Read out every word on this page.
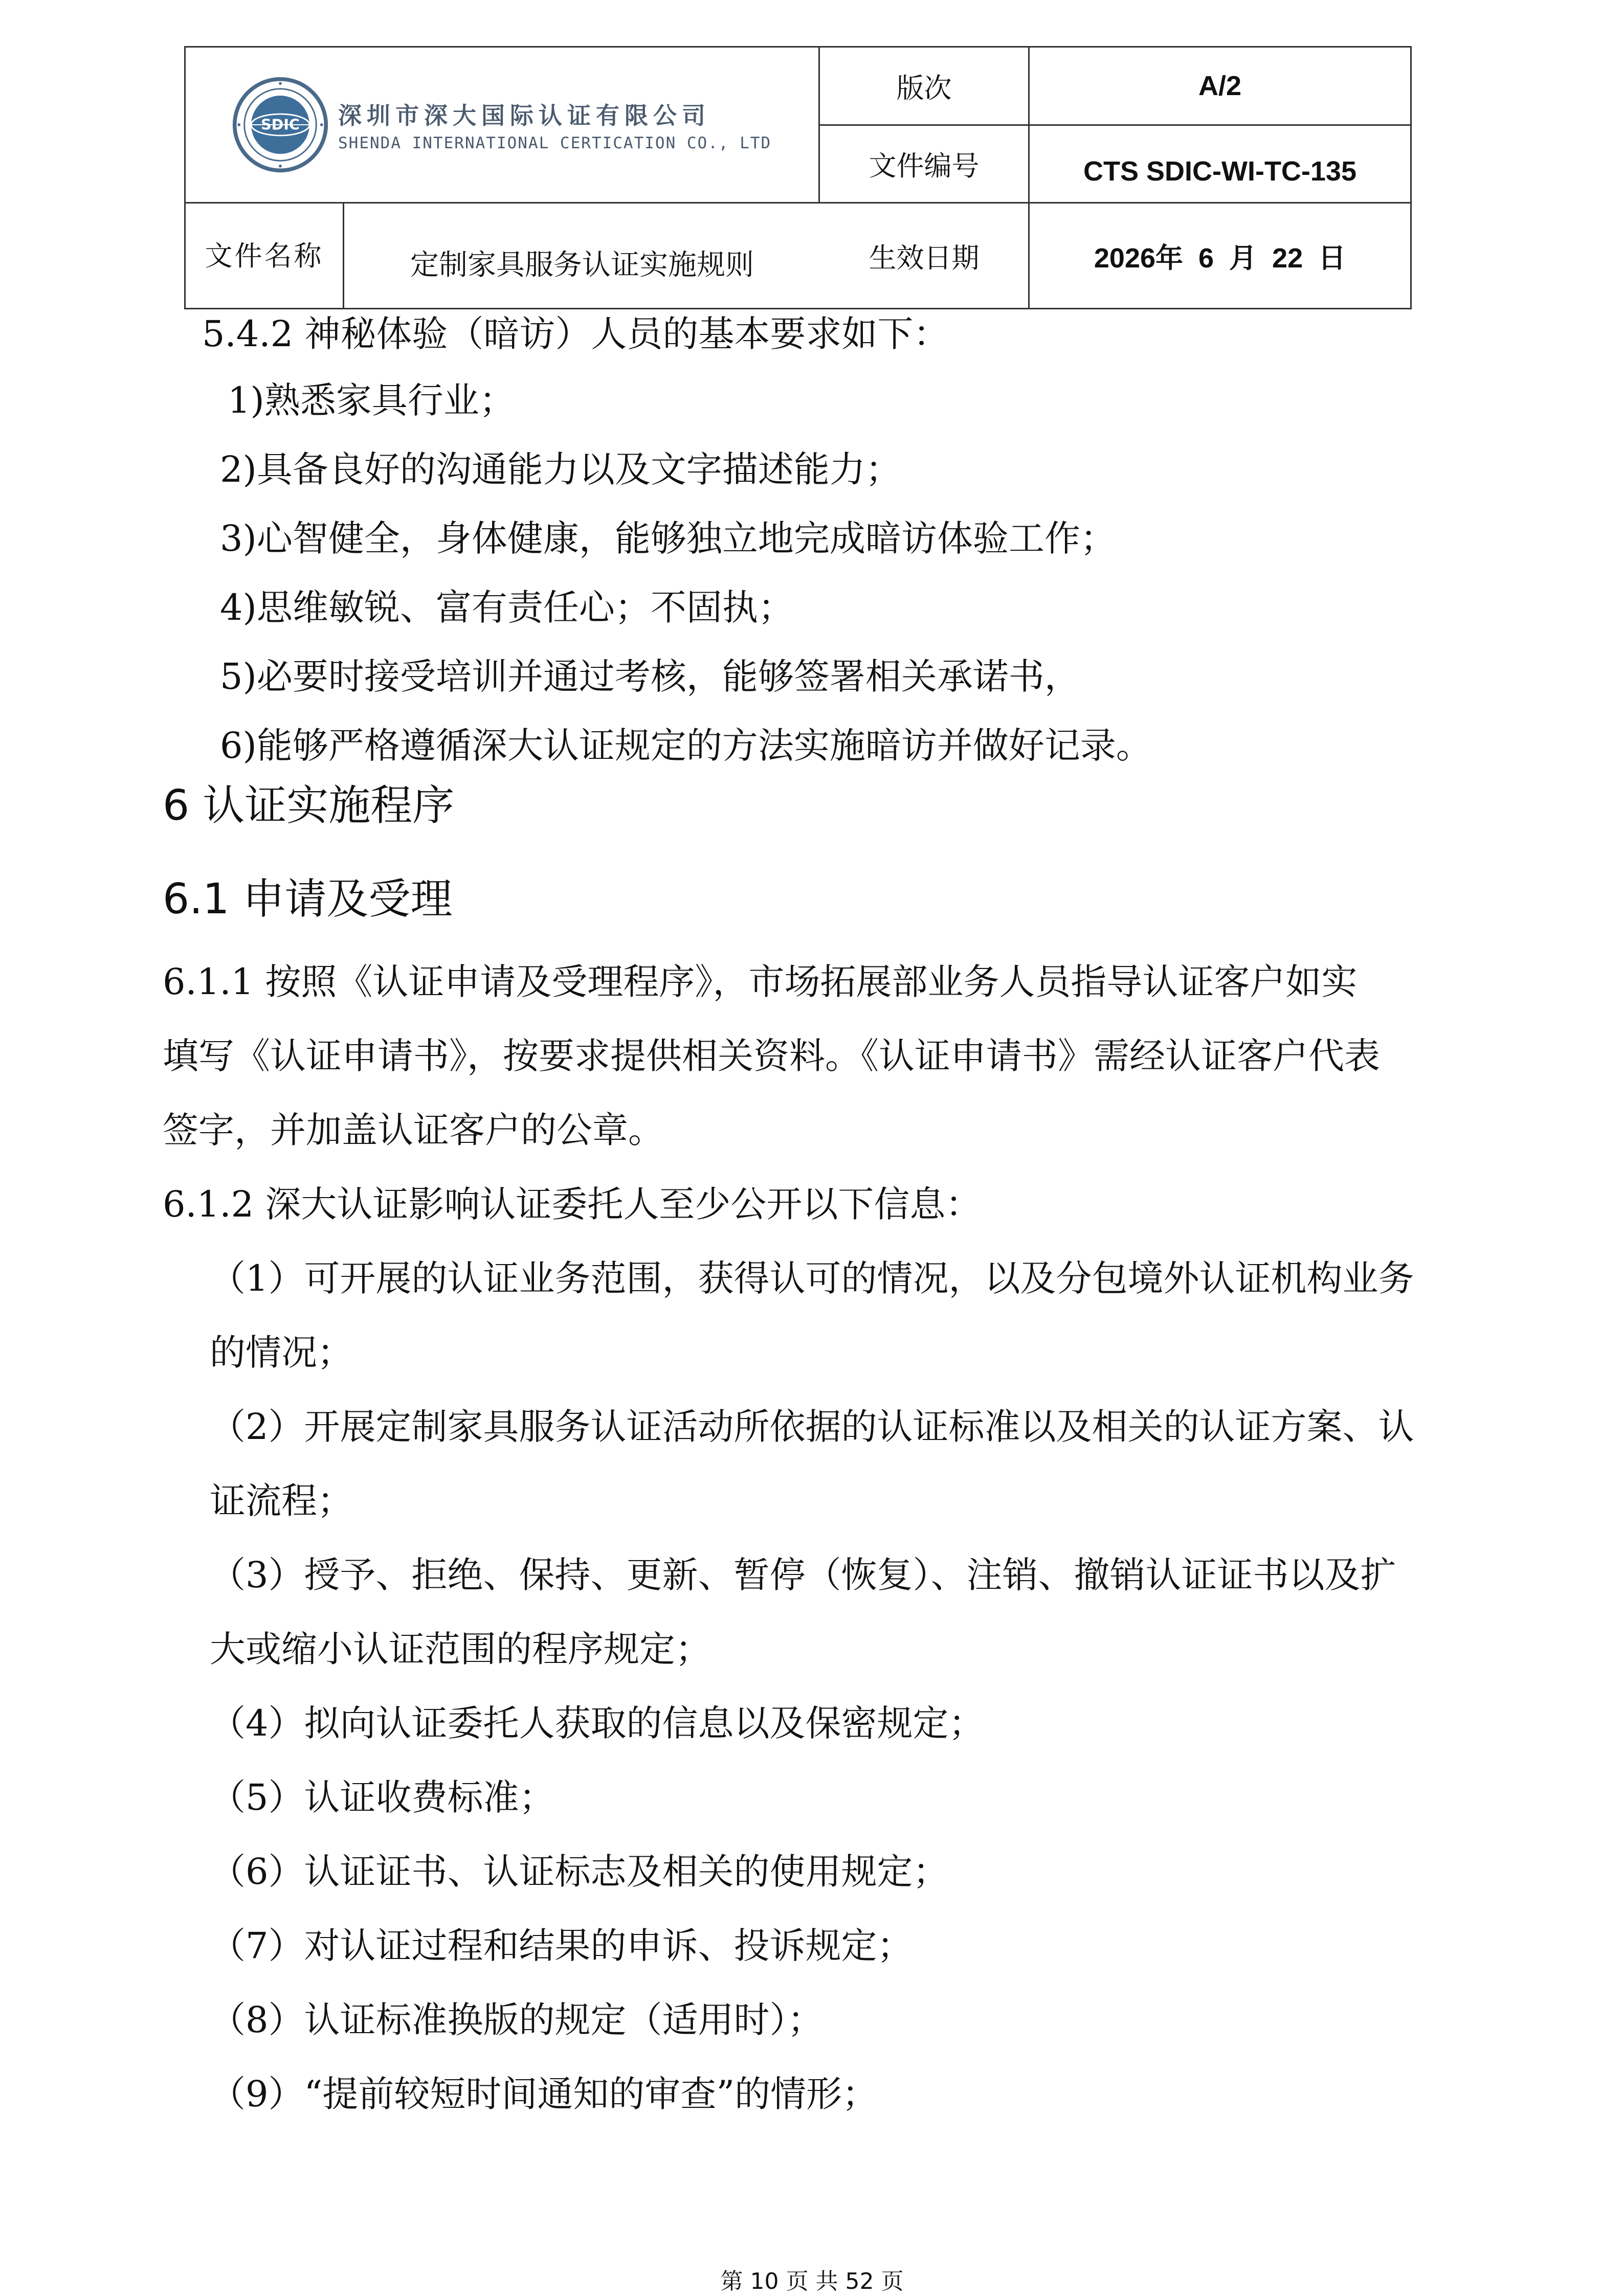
SDIC 深圳市深大国际认证有限公司
SHENDA INTERNATIONAL CERTICATION CO., LTD
版次	A/2
文件编号	CTS SDIC-WI-TC-135
文件名称	定制家具服务认证实施规则	生效日期	2026年  6  月  22  日
5.4.2 神秘体验（暗访）人员的基本要求如下：
1)熟悉家具行业；
2)具备良好的沟通能力以及文字描述能力；
3)心智健全，身体健康，能够独立地完成暗访体验工作；
4)思维敏锐、富有责任心；不固执；
5)必要时接受培训并通过考核，能够签署相关承诺书，
6)能够严格遵循深大认证规定的方法实施暗访并做好记录。
6 认证实施程序
6.1 申请及受理
6.1.1 按照《认证申请及受理程序》，市场拓展部业务人员指导认证客户如实
填写《认证申请书》，按要求提供相关资料。《认证申请书》需经认证客户代表
签字，并加盖认证客户的公章。
6.1.2 深大认证影响认证委托人至少公开以下信息：
（1）可开展的认证业务范围，获得认可的情况，以及分包境外认证机构业务
的情况；
（2）开展定制家具服务认证活动所依据的认证标准以及相关的认证方案、认
证流程；
（3）授予、拒绝、保持、更新、暂停（恢复）、注销、撤销认证证书以及扩
大或缩小认证范围的程序规定；
（4）拟向认证委托人获取的信息以及保密规定；
（5）认证收费标准；
（6）认证证书、认证标志及相关的使用规定；
（7）对认证过程和结果的申诉、投诉规定；
（8）认证标准换版的规定（适用时）；
（9）“提前较短时间通知的审查”的情形；
第 10 页 共 52 页
